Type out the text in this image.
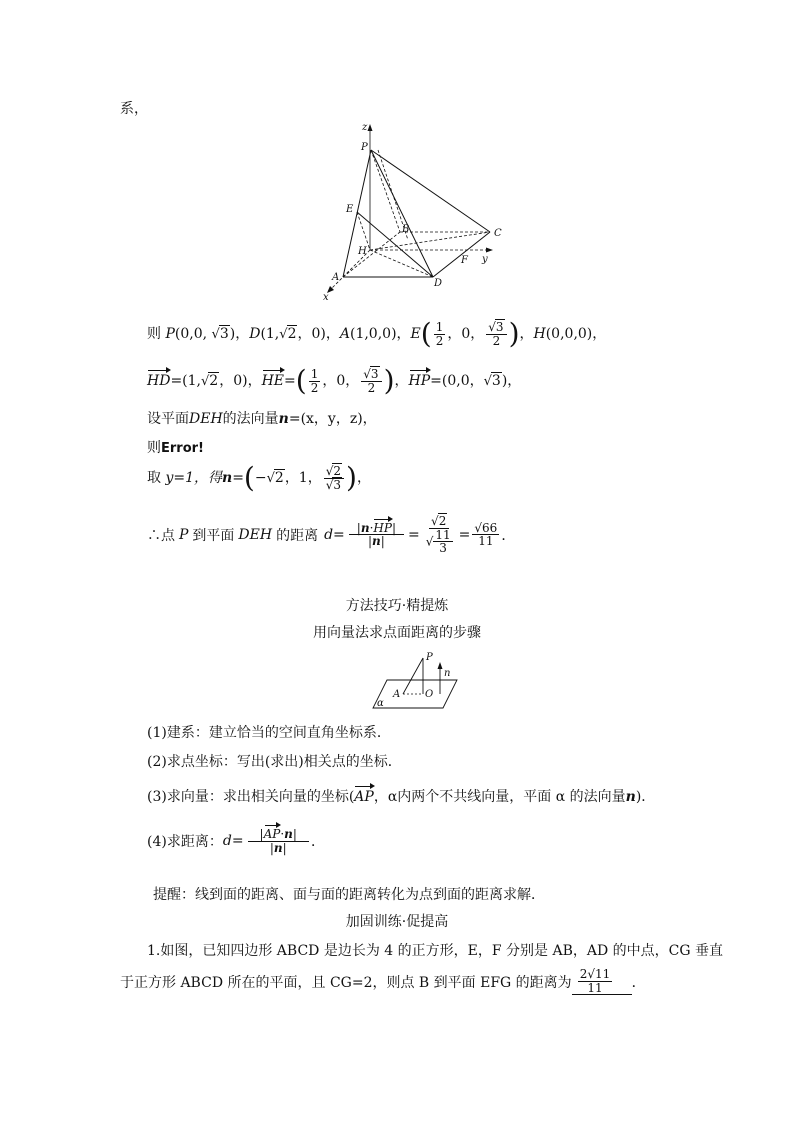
系，
z
P
E
B	C
H
F y
A
D
x
则 P(0,0, √3)，D(1,√2，0)，A(1,0,0)，$E( \frac{1}{2}$ ，0， $\frac{√3}{2}$ )，H(0,0,0)，
HD=(1,√2，0)，$HE=( \frac{1}{2}$ ，0， $\frac{√3}{2}$ )，HP=(0,0，√3)，
设平面DEH的法向量n=(x，y，z)，
则Error!
取 y=1，得n=(−√2，1， $\frac{√2}{√3}$ )，
∴点 P 到平面 DEH 的距离 $d = \frac{|n\cdot HP|}{|n|} = \frac{√2}{√ \frac{11}{3}} = \frac{√66}{11}$ ．
方法技巧·精提炼
用向量法求点面距离的步骤
P
n
A O
α
(1)建系：建立恰当的空间直角坐标系．
(2)求点坐标：写出(求出)相关点的坐标．
(3)求向量：求出相关向量的坐标(AP，α内两个不共线向量，平面 α 的法向量n)．
(4)求距离： $d = \frac{|AP\cdot n|}{|n|}$ ．
提醒：线到面的距离、面与面的距离转化为点到面的距离求解．
加固训练·促提高
1.如图，已知四边形 ABCD 是边长为 4 的正方形，E，F 分别是 AB，AD 的中点，CG 垂直
于正方形 ABCD 所在的平面，且 CG=2，则点 B 到平面 EFG 的距离为 $\frac{2√11}{11}$
．
